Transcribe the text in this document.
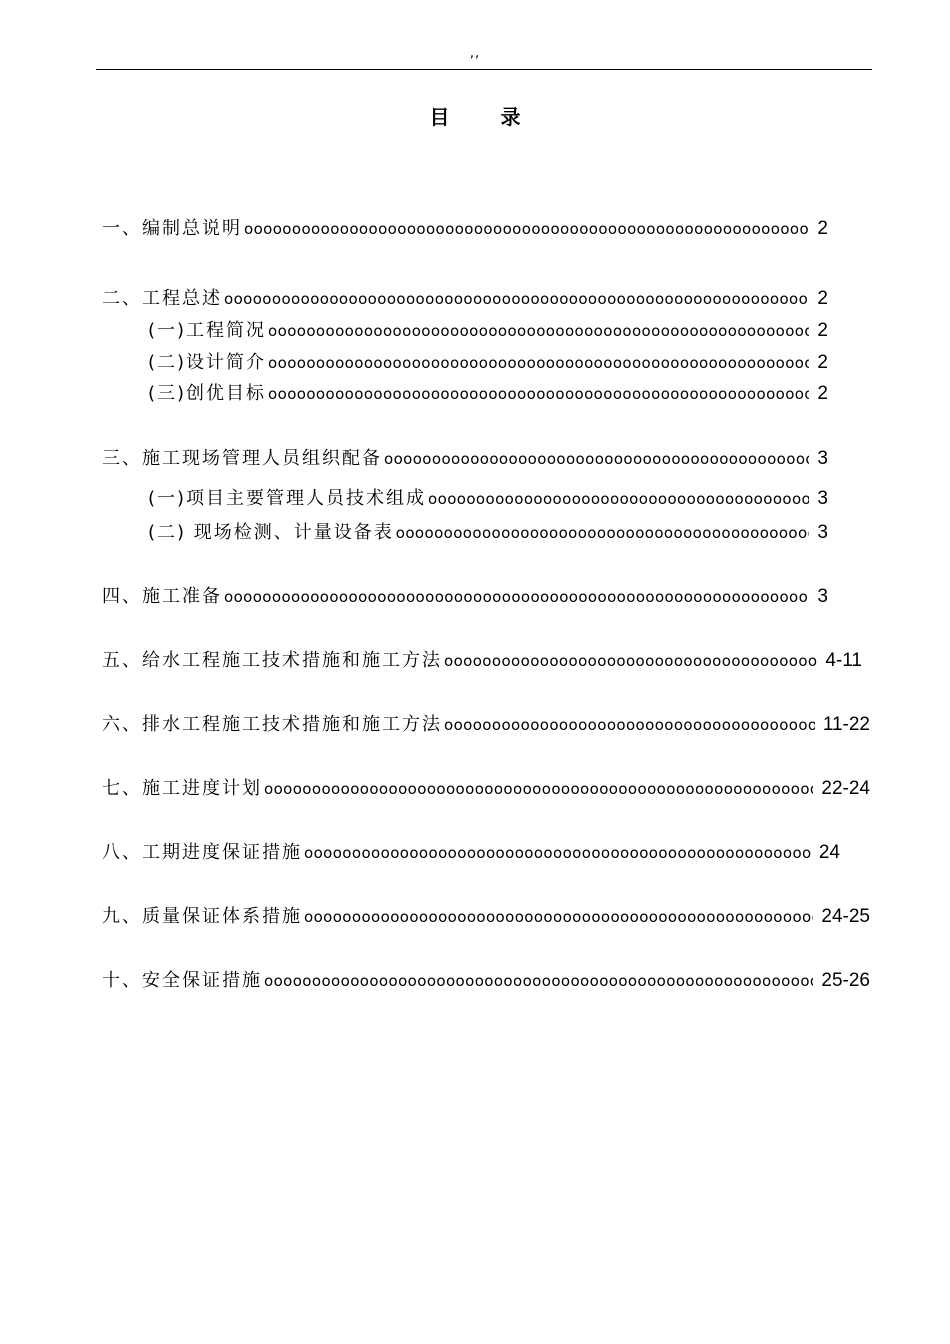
,,
目 录
一、编制总说明 oooooooooooooooooooooooooooooooooooooooooooooooooooooooooooooooooooooooooooooooooooooooooooooooooooooooooooooooooo	2
二、工程总述 oooooooooooooooooooooooooooooooooooooooooooooooooooooooooooooooooooooooooooooooooooooooooooooooooooooooooooooooooo	2
(一)工程简况 oooooooooooooooooooooooooooooooooooooooooooooooooooooooooooooooooooooooooooooooooooooooooooooooooooooooooooooooooo	2
(二)设计简介 oooooooooooooooooooooooooooooooooooooooooooooooooooooooooooooooooooooooooooooooooooooooooooooooooooooooooooooooooo	2
(三)创优目标 oooooooooooooooooooooooooooooooooooooooooooooooooooooooooooooooooooooooooooooooooooooooooooooooooooooooooooooooooo	2
三、施工现场管理人员组织配备 oooooooooooooooooooooooooooooooooooooooooooooooooooooooooooooooooooooooooooooooooooooooooooooooooooooooooooooooooo	3
(一)项目主要管理人员技术组成 oooooooooooooooooooooooooooooooooooooooooooooooooooooooooooooooooooooooooooooooooooooooooooooooooooooooooooooooooo	3
(二) 现场检测、计量设备表 oooooooooooooooooooooooooooooooooooooooooooooooooooooooooooooooooooooooooooooooooooooooooooooooooooooooooooooooooo	3
四、施工准备 oooooooooooooooooooooooooooooooooooooooooooooooooooooooooooooooooooooooooooooooooooooooooooooooooooooooooooooooooo	3
五、给水工程施工技术措施和施工方法 oooooooooooooooooooooooooooooooooooooooooooooooooooooooooooooooooooooooooooooooooooooooooooooooooooooooooooooooooo	4-11
六、排水工程施工技术措施和施工方法 oooooooooooooooooooooooooooooooooooooooooooooooooooooooooooooooooooooooooooooooooooooooooooooooooooooooooooooooooo	11-22
七、施工进度计划 oooooooooooooooooooooooooooooooooooooooooooooooooooooooooooooooooooooooooooooooooooooooooooooooooooooooooooooooooo	22-24
八、工期进度保证措施 oooooooooooooooooooooooooooooooooooooooooooooooooooooooooooooooooooooooooooooooooooooooooooooooooooooooooooooooooo	24
九、质量保证体系措施 oooooooooooooooooooooooooooooooooooooooooooooooooooooooooooooooooooooooooooooooooooooooooooooooooooooooooooooooooo	24-25
十、安全保证措施 oooooooooooooooooooooooooooooooooooooooooooooooooooooooooooooooooooooooooooooooooooooooooooooooooooooooooooooooooo	25-26
